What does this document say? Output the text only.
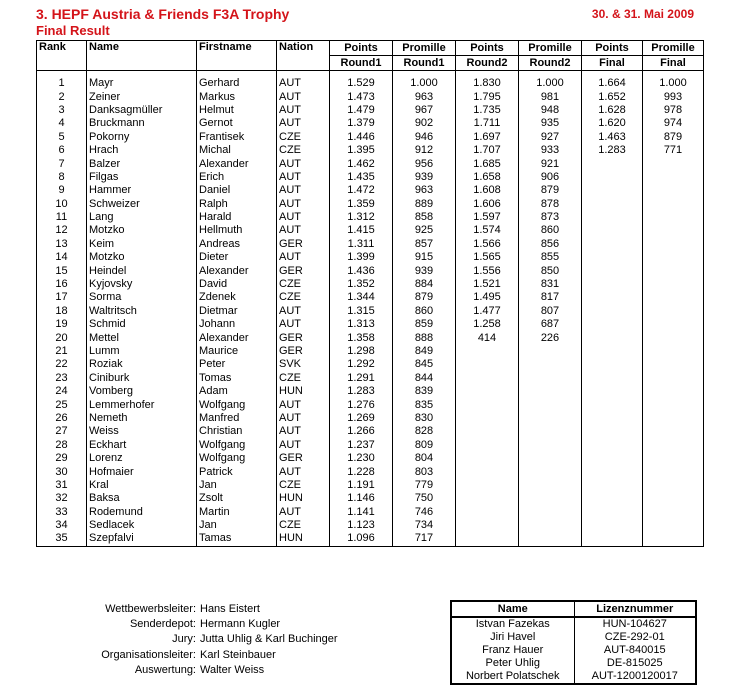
3. HEPF Austria & Friends F3A Trophy	30. & 31. Mai 2009
Final Result
Rank	Name	Firstname	Nation	Points	Promille	Points	Promille	Points	Promille
				Round1	Round1	Round2	Round2	Final	Final

1	Mayr	Gerhard	AUT	1.529	1.000	1.830	1.000	1.664	1.000
2	Zeiner	Markus	AUT	1.473	963	1.795	981	1.652	993
3	Danksagmüller	Helmut	AUT	1.479	967	1.735	948	1.628	978
4	Bruckmann	Gernot	AUT	1.379	902	1.711	935	1.620	974
5	Pokorny	Frantisek	CZE	1.446	946	1.697	927	1.463	879
6	Hrach	Michal	CZE	1.395	912	1.707	933	1.283	771
7	Balzer	Alexander	AUT	1.462	956	1.685	921		
8	Filgas	Erich	AUT	1.435	939	1.658	906		
9	Hammer	Daniel	AUT	1.472	963	1.608	879		
10	Schweizer	Ralph	AUT	1.359	889	1.606	878		
11	Lang	Harald	AUT	1.312	858	1.597	873		
12	Motzko	Hellmuth	AUT	1.415	925	1.574	860		
13	Keim	Andreas	GER	1.311	857	1.566	856		
14	Motzko	Dieter	AUT	1.399	915	1.565	855		
15	Heindel	Alexander	GER	1.436	939	1.556	850		
16	Kyjovsky	David	CZE	1.352	884	1.521	831		
17	Sorma	Zdenek	CZE	1.344	879	1.495	817		
18	Waltritsch	Dietmar	AUT	1.315	860	1.477	807		
19	Schmid	Johann	AUT	1.313	859	1.258	687		
20	Mettel	Alexander	GER	1.358	888	414	226		
21	Lumm	Maurice	GER	1.298	849				
22	Roziak	Peter	SVK	1.292	845				
23	Ciniburk	Tomas	CZE	1.291	844				
24	Vomberg	Adam	HUN	1.283	839				
25	Lemmerhofer	Wolfgang	AUT	1.276	835				
26	Nemeth	Manfred	AUT	1.269	830				
27	Weiss	Christian	AUT	1.266	828				
28	Eckhart	Wolfgang	AUT	1.237	809				
29	Lorenz	Wolfgang	GER	1.230	804				
30	Hofmaier	Patrick	AUT	1.228	803				
31	Kral	Jan	CZE	1.191	779				
32	Baksa	Zsolt	HUN	1.146	750				
33	Rodemund	Martin	AUT	1.141	746				
34	Sedlacek	Jan	CZE	1.123	734				
35	Szepfalvi	Tamas	HUN	1.096	717				
Wettbewerbsleiter: Hans Eistert
Senderdepot: Hermann Kugler
Jury: Jutta Uhlig & Karl Buchinger
Organisationsleiter: Karl Steinbauer
Auswertung: Walter Weiss
Name	Lizenznummer
Istvan Fazekas	HUN-104627
Jiri Havel	CZE-292-01
Franz Hauer	AUT-840015
Peter Uhlig	DE-815025
Norbert Polatschek	AUT-1200120017
